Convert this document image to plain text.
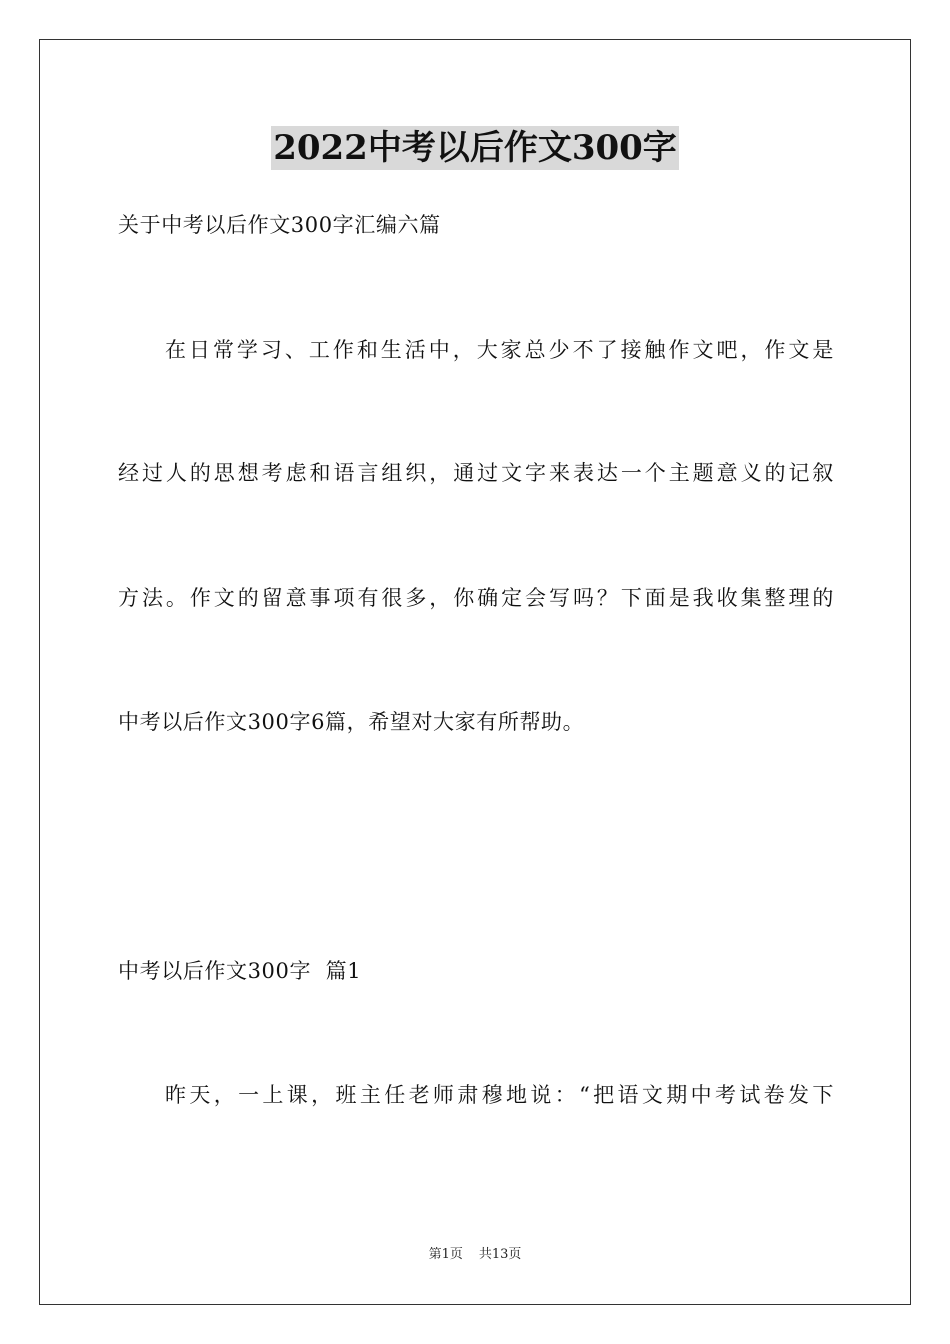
2022中考以后作文300字
关于中考以后作文300字汇编六篇
在日常学习、工作和生活中，大家总少不了接触作文吧，作文是
经过人的思想考虑和语言组织，通过文字来表达一个主题意义的记叙
方法。作文的留意事项有很多，你确定会写吗？下面是我收集整理的
中考以后作文300字6篇，希望对大家有所帮助。
中考以后作文300字  篇1
昨天，一上课，班主任老师肃穆地说：“把语文期中考试卷发下
第1页 共13页
